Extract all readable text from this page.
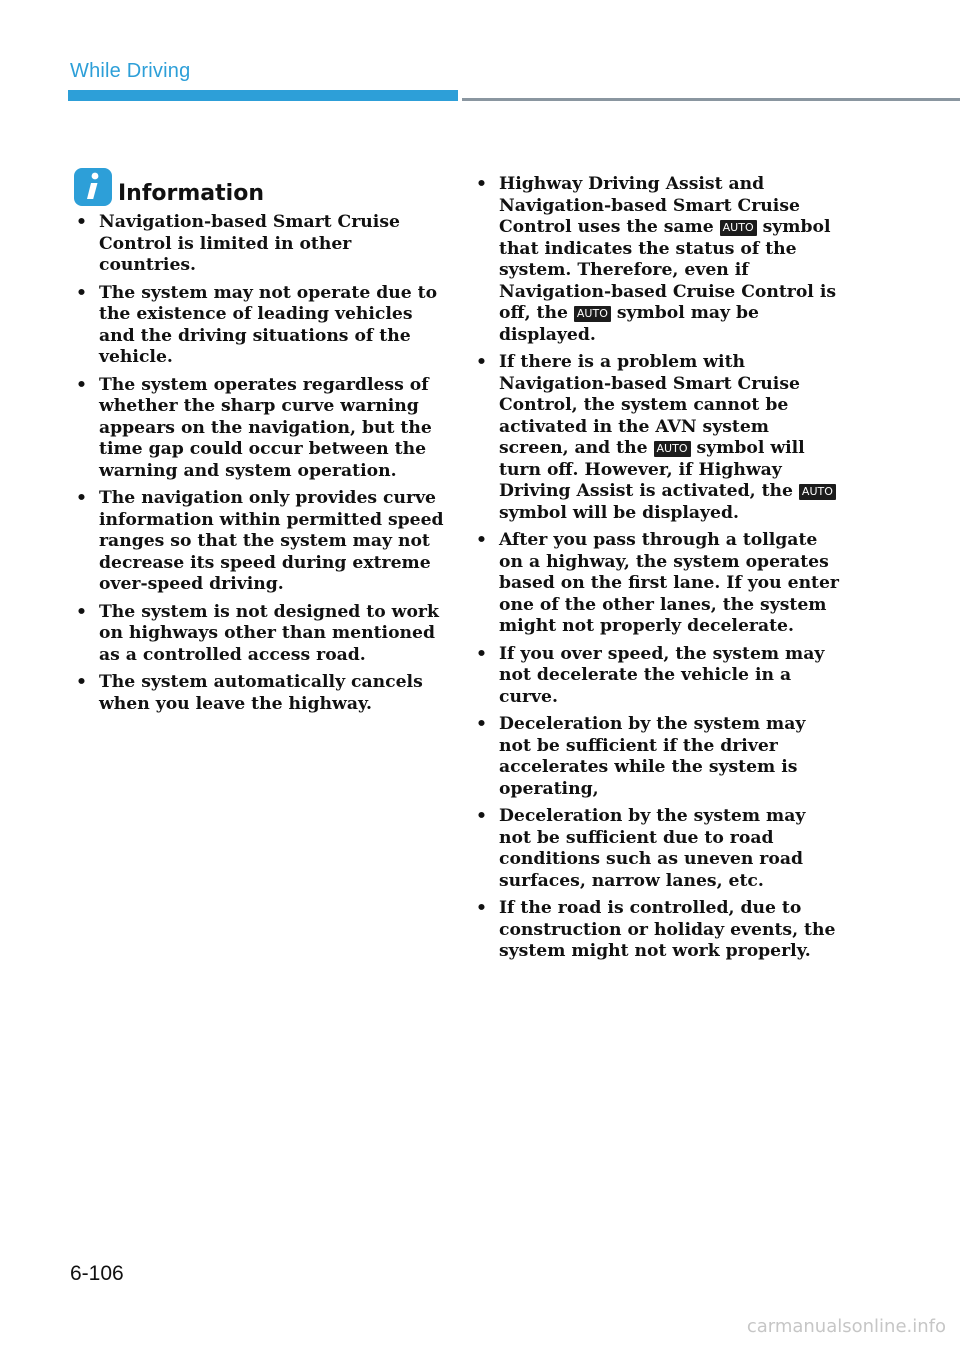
While Driving
Information
• Navigation-based Smart Cruise Control is limited in other countries.
• The system may not operate due to the existence of leading vehicles and the driving situations of the vehicle.
• The system operates regardless of whether the sharp curve warning appears on the navigation, but the time gap could occur between the warning and system operation.
• The navigation only provides curve information within permitted speed ranges so that the system may not decrease its speed during extreme over-speed driving.
• The system is not designed to work on highways other than mentioned as a controlled access road.
• The system automatically cancels when you leave the highway.
• Highway Driving Assist and Navigation-based Smart Cruise Control uses the same AUTO symbol that indicates the status of the system. Therefore, even if Navigation-based Cruise Control is off, the AUTO symbol may be displayed.
• If there is a problem with Navigation-based Smart Cruise Control, the system cannot be activated in the AVN system screen, and the AUTO symbol will turn off. However, if Highway Driving Assist is activated, the AUTO symbol will be displayed.
• After you pass through a tollgate on a highway, the system operates based on the first lane. If you enter one of the other lanes, the system might not properly decelerate.
• If you over speed, the system may not decelerate the vehicle in a curve.
• Deceleration by the system may not be sufficient if the driver accelerates while the system is operating,
• Deceleration by the system may not be sufficient due to road conditions such as uneven road surfaces, narrow lanes, etc.
• If the road is controlled, due to construction or holiday events, the system might not work properly.
6-106
carmanualsonline.info
